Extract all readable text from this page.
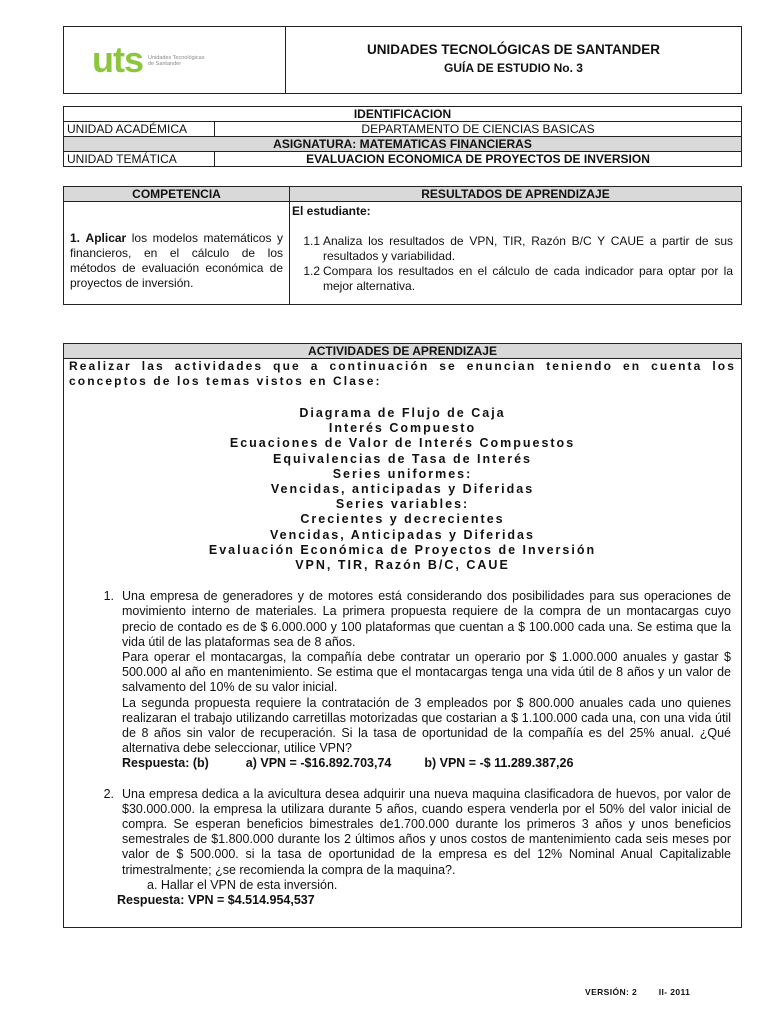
uts Unidades Tecnológicas de Santander
UNIDADES TECNOLÓGICAS DE SANTANDER
GUÍA DE ESTUDIO No. 3
IDENTIFICACION	
UNIDAD ACADÉMICA	DEPARTAMENTO DE CIENCIAS BASICAS
ASIGNATURA: MATEMATICAS FINANCIERAS	
UNIDAD TEMÁTICA	EVALUACION ECONOMICA DE PROYECTOS DE INVERSION
COMPETENCIA	RESULTADOS DE APRENDIZAJE
1. Aplicar los modelos matemáticos y financieros, en el cálculo de los métodos de evaluación económica de proyectos de inversión.	El estudiante:
1.1 Analiza los resultados de VPN, TIR, Razón B/C Y CAUE a partir de sus resultados y variabilidad.
1.2 Compara los resultados en el cálculo de cada indicador para optar por la mejor alternativa.
ACTIVIDADES DE APRENDIZAJE
Realizar las actividades que a continuación se enuncian teniendo en cuenta los conceptos de los temas vistos en Clase:
Diagrama de Flujo de Caja
Interés Compuesto
Ecuaciones de Valor de Interés Compuestos
Equivalencias de Tasa de Interés
Series uniformes:
Vencidas, anticipadas y Diferidas
Series variables:
Crecientes y decrecientes
Vencidas, Anticipadas y Diferidas
Evaluación Económica de Proyectos de Inversión
VPN, TIR, Razón B/C, CAUE
1. Una empresa de generadores y de motores está considerando dos posibilidades para sus operaciones de movimiento interno de materiales. La primera propuesta requiere de la compra de un montacargas cuyo precio de contado es de $ 6.000.000 y 100 plataformas que cuentan a $ 100.000 cada una. Se estima que la vida útil de las plataformas sea de 8 años.
Para operar el montacargas, la compañía debe contratar un operario por $ 1.000.000 anuales y gastar $ 500.000 al año en mantenimiento. Se estima que el montacargas tenga una vida útil de 8 años y un valor de salvamento del 10% de su valor inicial.
La segunda propuesta requiere la contratación de 3 empleados por $ 800.000 anuales cada uno quienes realizaran el trabajo utilizando carretillas motorizadas que costarian a $ 1.100.000 cada una, con una vida útil de 8 años sin valor de recuperación. Si la tasa de oportunidad de la compañía es del 25% anual. ¿Qué alternativa debe seleccionar, utilice VPN?
Respuesta: (b)	a) VPN = -$16.892.703,74	b) VPN = -$ 11.289.387,26
2. Una empresa dedica a la avicultura desea adquirir una nueva maquina clasificadora de huevos, por valor de $30.000.000. la empresa la utilizara durante 5 años, cuando espera venderla por el 50% del valor inicial de compra. Se esperan beneficios bimestrales de1.700.000 durante los primeros 3 años y unos beneficios semestrales de $1.800.000 durante los 2 últimos años y unos costos de mantenimiento cada seis meses por valor de $ 500.000. si la tasa de oportunidad de la empresa es del 12% Nominal Anual Capitalizable trimestralmente; ¿se recomienda la compra de la maquina?.
a. Hallar el VPN de esta inversión.
Respuesta: VPN = $4.514.954,537
VERSIÓN: 2	II- 2011
